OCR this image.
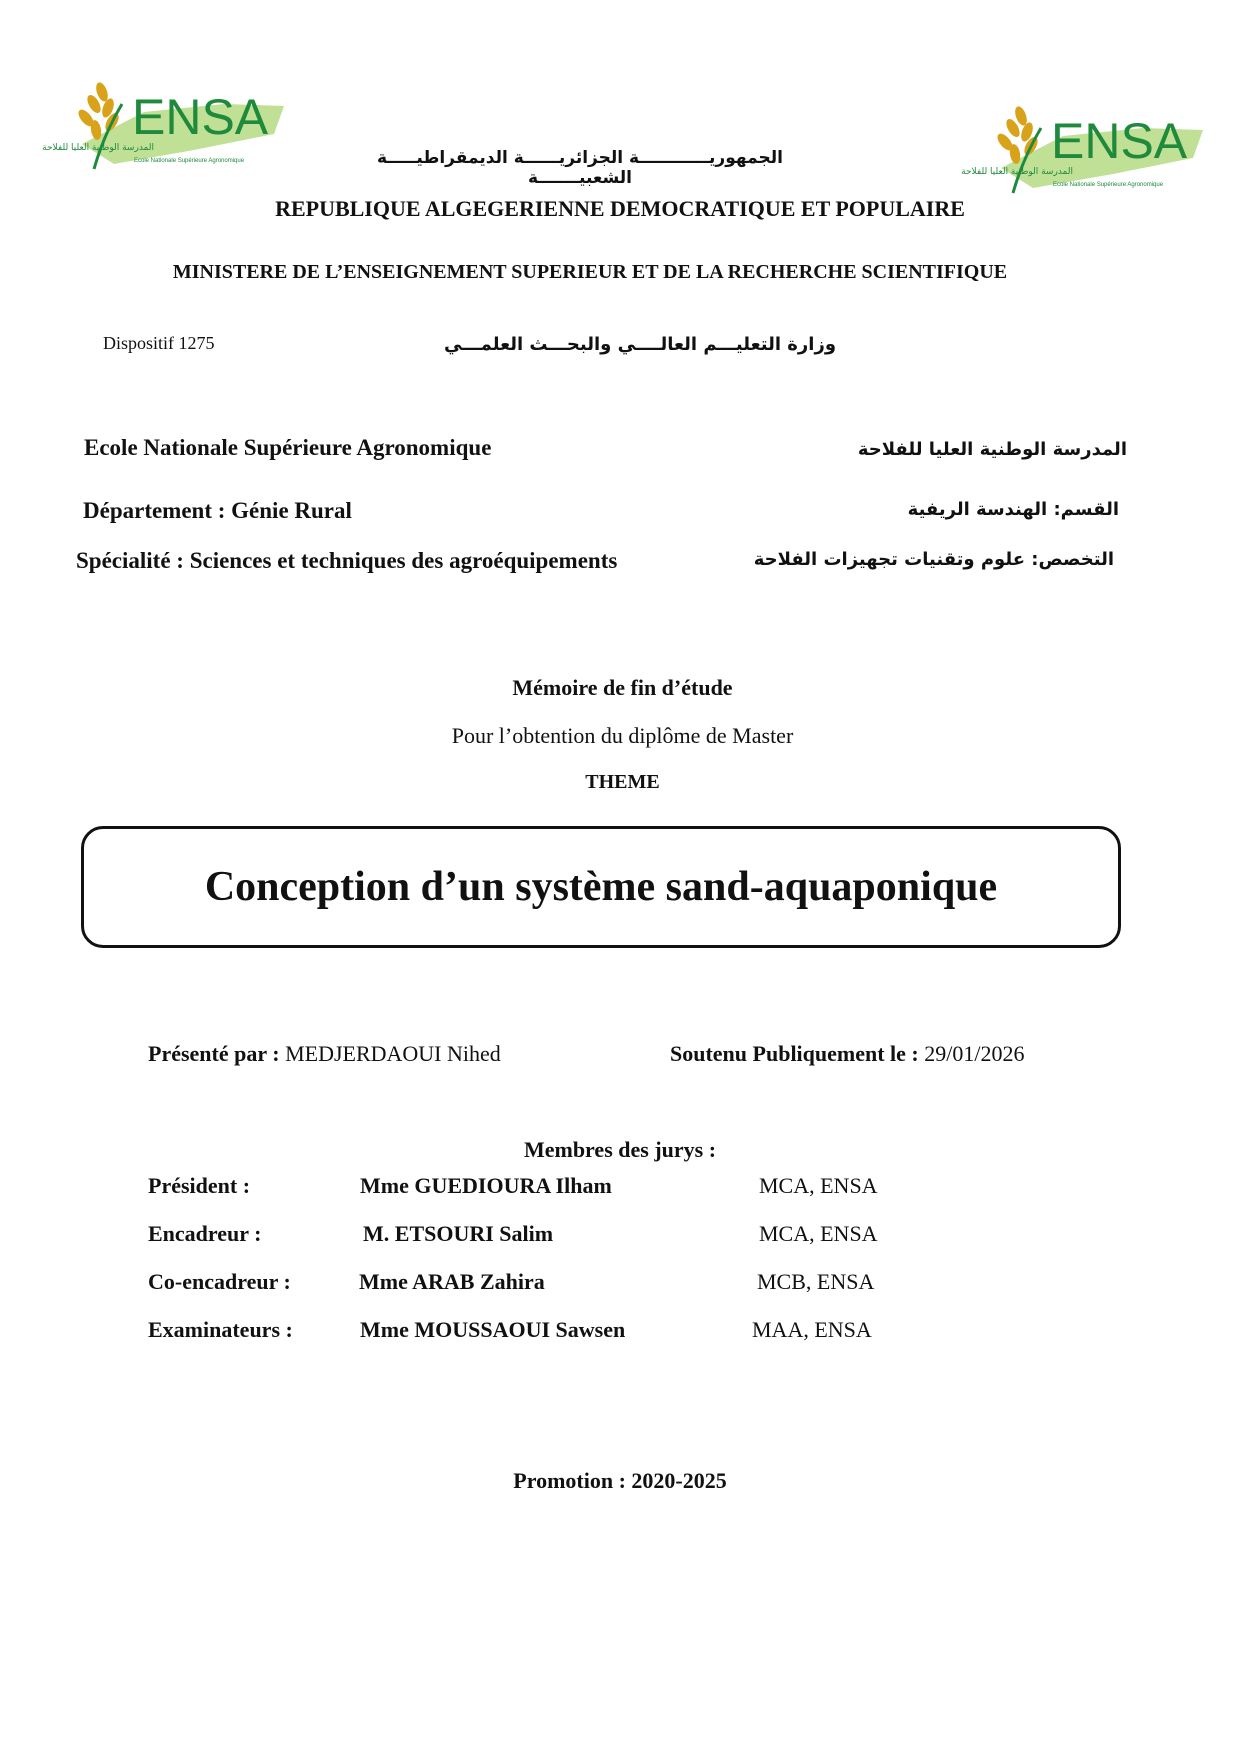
ENSA
المدرسة الوطنية العليا للفلاحة
Ecole Nationale Supérieure Agronomique	ENSA
المدرسة الوطنية العليا للفلاحة
Ecole Nationale Supérieure Agronomique
الجمهوريــــــــــــة الجزائريــــــة الديمقراطيـــــة الشعبيـــــــة
REPUBLIQUE ALGEGERIENNE DEMOCRATIQUE ET POPULAIRE
MINISTERE DE L’ENSEIGNEMENT SUPERIEUR ET DE LA RECHERCHE SCIENTIFIQUE
Dispositif 1275	وزارة التعليـــم العالــــي والبحـــث العلمـــي
Ecole Nationale Supérieure Agronomique	المدرسة الوطنية العليا للفلاحة
Département : Génie Rural	القسم: الهندسة الريفية
Spécialité : Sciences et techniques des agroéquipements	التخصص: علوم وتقنيات تجهيزات الفلاحة
Mémoire de fin d’étude
Pour l’obtention du diplôme de Master
THEME
Conception d’un système sand-aquaponique
Présenté par : MEDJERDAOUI Nihed	Soutenu Publiquement le : 29/01/2026
Membres des jurys :
Président :	Mme GUEDIOURA Ilham	MCA, ENSA
Encadreur :	M. ETSOURI Salim	MCA, ENSA
Co-encadreur :	Mme ARAB Zahira	MCB, ENSA
Examinateurs :	Mme MOUSSAOUI Sawsen	MAA, ENSA
Promotion : 2020-2025
